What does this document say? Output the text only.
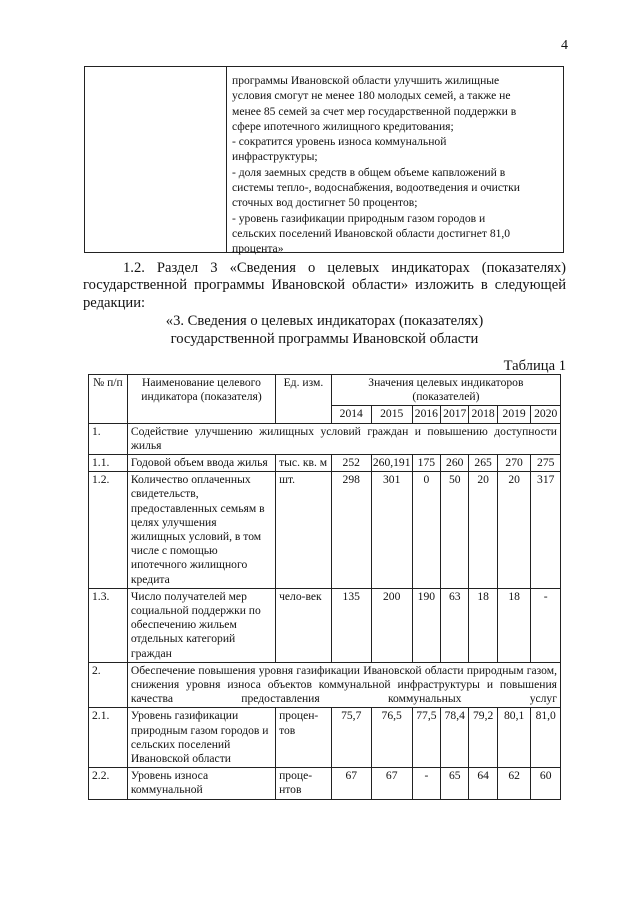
4
программы Ивановской области улучшить жилищные
условия смогут не менее 180 молодых семей, а также не
менее 85 семей за счет мер государственной поддержки в
сфере ипотечного жилищного кредитования;
- сократится уровень износа коммунальной
инфраструктуры;
- доля заемных средств в общем объеме капвложений в
системы тепло-, водоснабжения, водоотведения и очистки
сточных вод достигнет 50 процентов;
- уровень газификации природным газом городов и
сельских поселений Ивановской области достигнет 81,0
процента»
1.2. Раздел 3 «Сведения о целевых индикаторах (показателях) государственной программы Ивановской области» изложить в следующей редакции:
«3. Сведения о целевых индикаторах (показателях)
государственной программы Ивановской области
Таблица 1
№ п/п	Наименование целевого индикатора (показателя)	Ед. изм.	Значения целевых индикаторов (показателей)						
			2014	2015	2016	2017	2018	2019	2020
1.	Содействие улучшению жилищных условий граждан и повышению доступности жилья								
1.1.	Годовой объем ввода жилья	тыс. кв. м	252	260,191	175	260	265	270	275
1.2.	Количество оплаченных свидетельств, предоставленных семьям в целях улучшения жилищных условий, в том числе с помощью ипотечного жилищного кредита	шт.	298	301	0	50	20	20	317
1.3.	Число получателей мер социальной поддержки по обеспечению жильем отдельных категорий граждан	чело-век	135	200	190	63	18	18	-
2.	Обеспечение повышения уровня газификации Ивановской области природным газом, снижения уровня износа объектов коммунальной инфраструктуры и повышения качества предоставления коммунальных услуг								
2.1.	Уровень газификации природным газом городов и сельских поселений Ивановской области	процен-тов	75,7	76,5	77,5	78,4	79,2	80,1	81,0
2.2.	Уровень износа коммунальной	проце-нтов	67	67	-	65	64	62	60
